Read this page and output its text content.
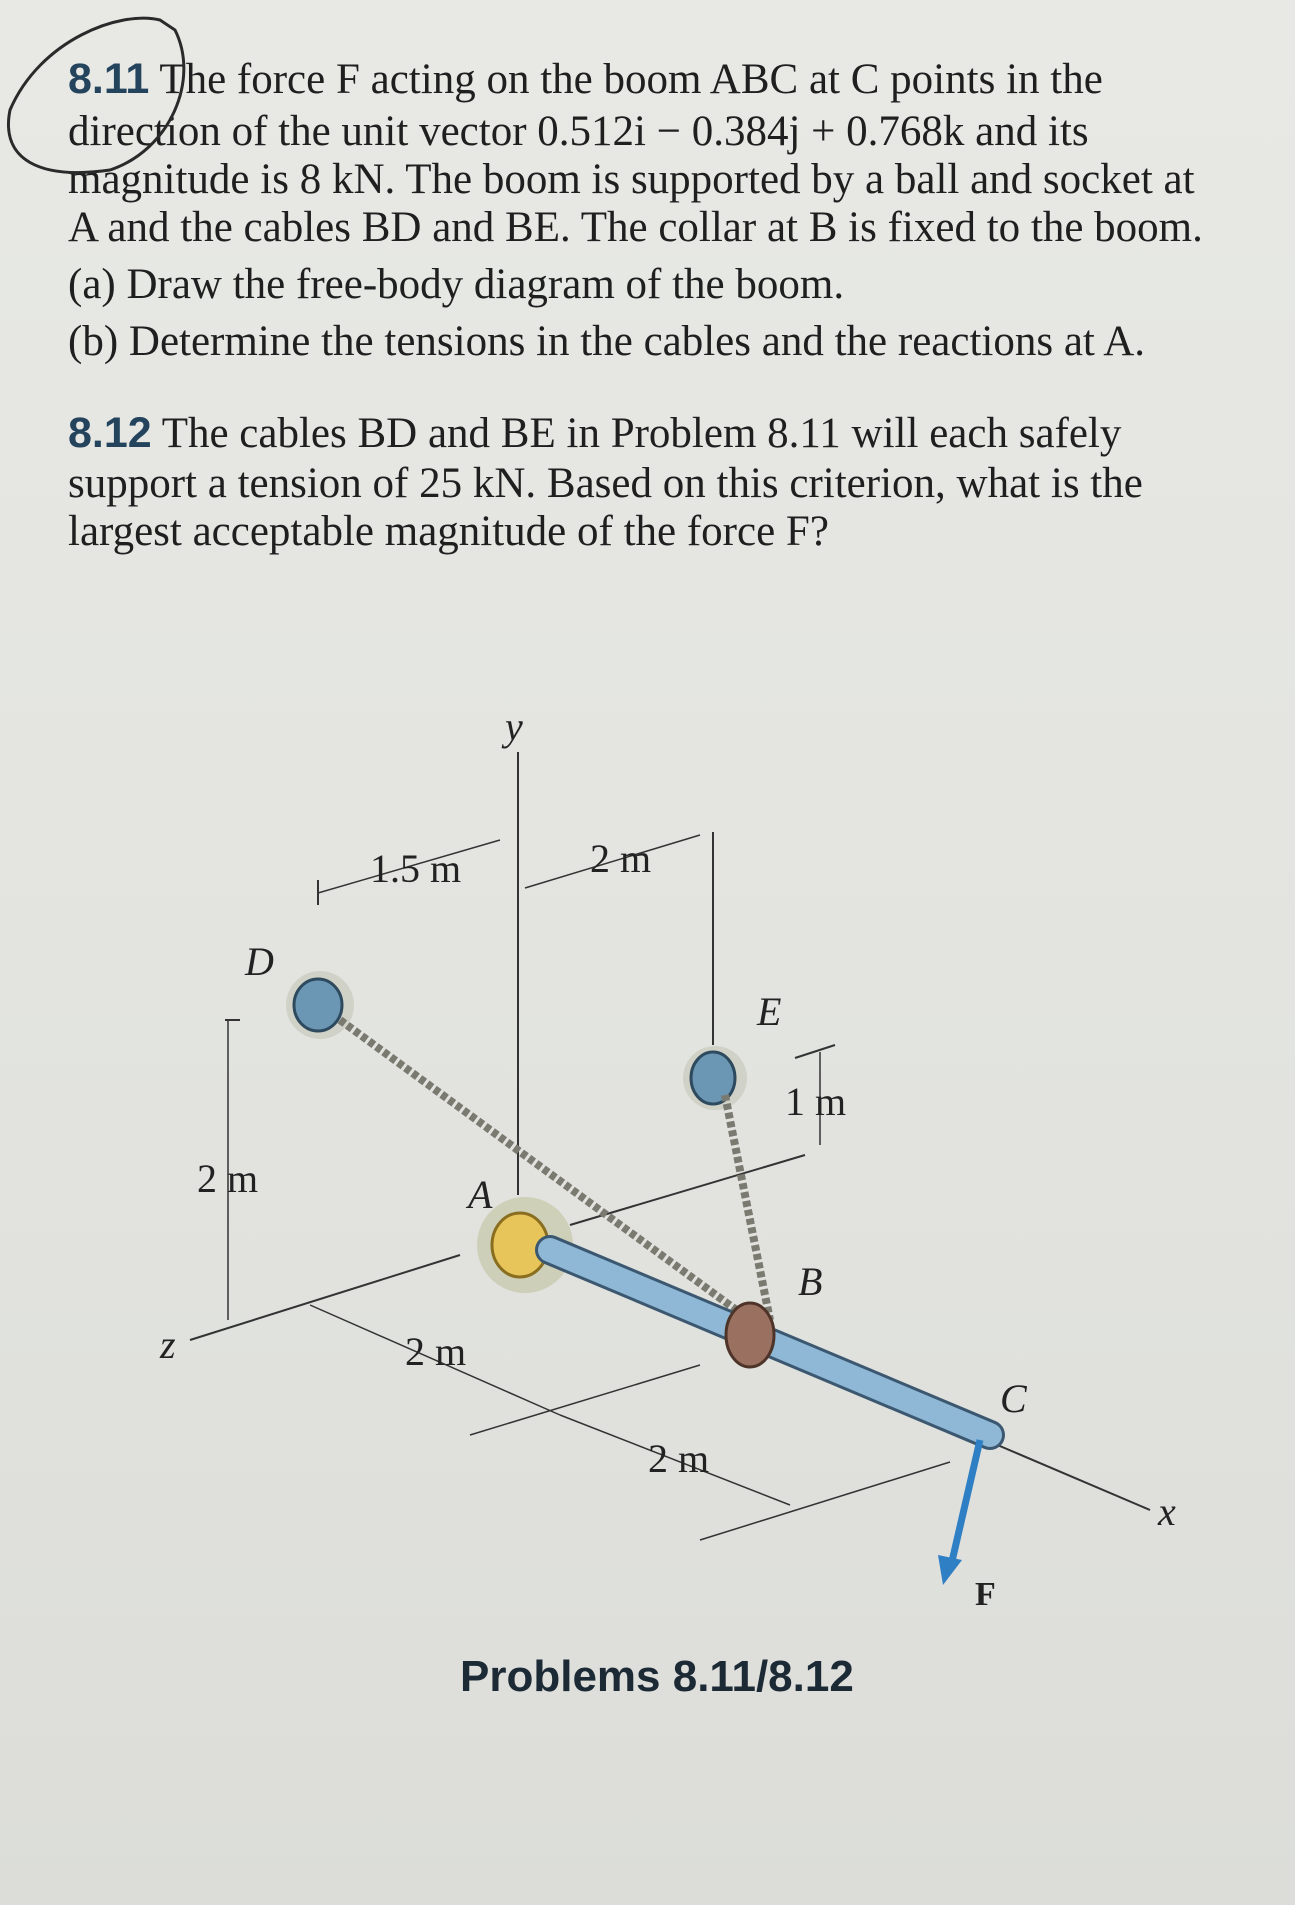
8.11 The force F acting on the boom ABC at C points in the
direction of the unit vector 0.512i − 0.384j + 0.768k and its
magnitude is 8 kN. The boom is supported by a ball and socket at
A and the cables BD and BE. The collar at B is fixed to the boom.
(a) Draw the free-body diagram of the boom.
(b) Determine the tensions in the cables and the reactions at A.
8.12 The cables BD and BE in Problem 8.11 will each safely
support a tension of 25 kN. Based on this criterion, what is the
largest acceptable magnitude of the force F?
y
z
x
1.5 m	2 m
2 m
2 m
2 m
1 m
D
E
A
B
C
F
Problems 8.11/8.12
